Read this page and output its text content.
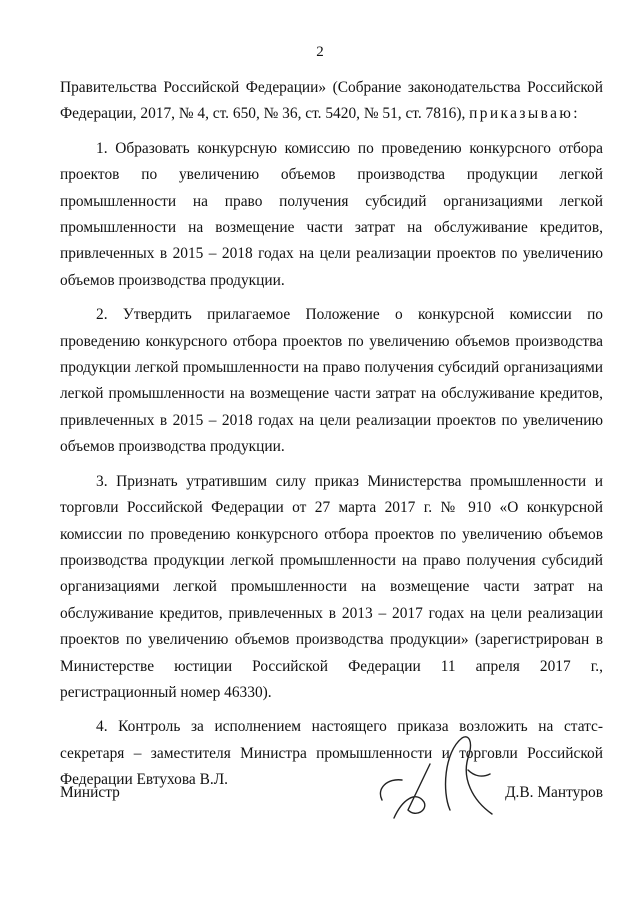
2

Правительства Российской Федерации» (Собрание законодательства Российской Федерации, 2017, № 4, ст. 650, № 36, ст. 5420, № 51, ст. 7816), приказываю:

1. Образовать конкурсную комиссию по проведению конкурсного отбора проектов по увеличению объемов производства продукции легкой промышленности на право получения субсидий организациями легкой промышленности на возмещение части затрат на обслуживание кредитов, привлеченных в 2015 – 2018 годах на цели реализации проектов по увеличению объемов производства продукции.

2. Утвердить прилагаемое Положение о конкурсной комиссии по проведению конкурсного отбора проектов по увеличению объемов производства продукции легкой промышленности на право получения субсидий организациями легкой промышленности на возмещение части затрат на обслуживание кредитов, привлеченных в 2015 – 2018 годах на цели реализации проектов по увеличению объемов производства продукции.

3. Признать утратившим силу приказ Министерства промышленности и торговли Российской Федерации от 27 марта 2017 г. № 910 «О конкурсной комиссии по проведению конкурсного отбора проектов по увеличению объемов производства продукции легкой промышленности на право получения субсидий организациями легкой промышленности на возмещение части затрат на обслуживание кредитов, привлеченных в 2013 – 2017 годах на цели реализации проектов по увеличению объемов производства продукции» (зарегистрирован в Министерстве юстиции Российской Федерации 11 апреля 2017 г., регистрационный номер 46330).

4. Контроль за исполнением настоящего приказа возложить на статс-секретаря – заместителя Министра промышленности и торговли Российской Федерации Евтухова В.Л.

Министр	Д.В. Мантуров
